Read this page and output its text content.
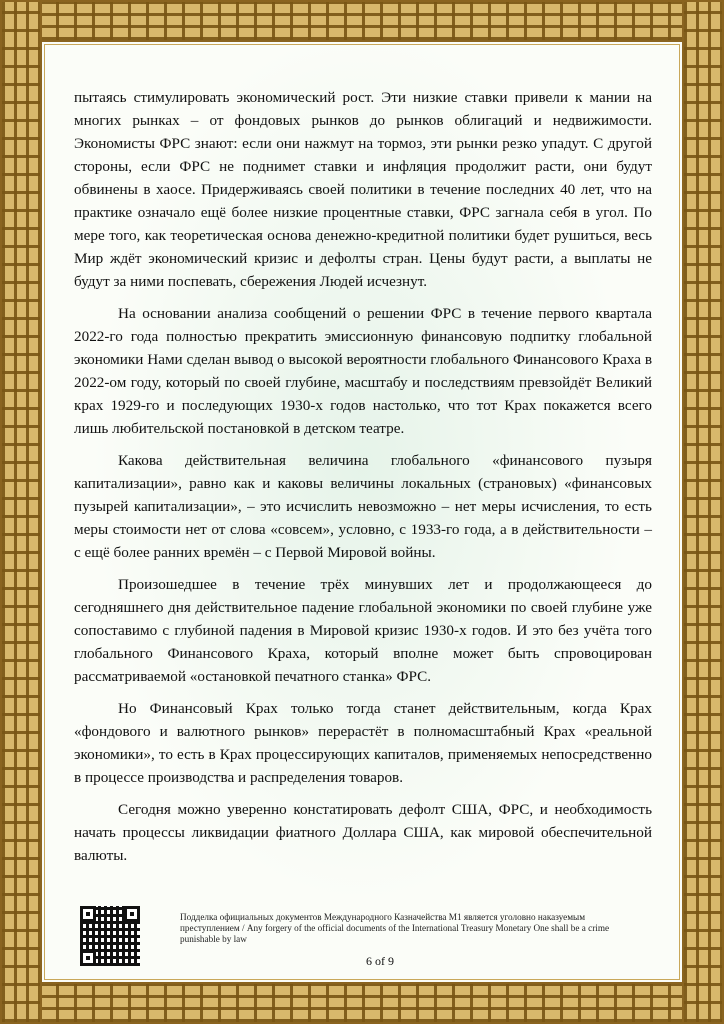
пытаясь стимулировать экономический рост. Эти низкие ставки привели к мании на многих рынках – от фондовых рынков до рынков облигаций и недвижимости. Экономисты ФРС знают: если они нажмут на тормоз, эти рынки резко упадут. С другой стороны, если ФРС не поднимет ставки и инфляция продолжит расти, они будут обвинены в хаосе. Придерживаясь своей политики в течение последних 40 лет, что на практике означало ещё более низкие процентные ставки, ФРС загнала себя в угол. По мере того, как теоретическая основа денежно-кредитной политики будет рушиться, весь Мир ждёт экономический кризис и дефолты стран. Цены будут расти, а выплаты не будут за ними поспевать, сбережения Людей исчезнут.

На основании анализа сообщений о решении ФРС в течение первого квартала 2022-го года полностью прекратить эмиссионную финансовую подпитку глобальной экономики Нами сделан вывод о высокой вероятности глобального Финансового Краха в 2022-ом году, который по своей глубине, масштабу и последствиям превзойдёт Великий крах 1929-го и последующих 1930-х годов настолько, что тот Крах покажется всего лишь любительской постановкой в детском театре.

Какова действительная величина глобального «финансового пузыря капитализации», равно как и каковы величины локальных (страновых) «финансовых пузырей капитализации», – это исчислить невозможно – нет меры исчисления, то есть меры стоимости нет от слова «совсем», условно, с 1933-го года, а в действительности – с ещё более ранних времён – с Первой Мировой войны.

Произошедшее в течение трёх минувших лет и продолжающееся до сегодняшнего дня действительное падение глобальной экономики по своей глубине уже сопоставимо с глубиной падения в Мировой кризис 1930-х годов. И это без учёта того глобального Финансового Краха, который вполне может быть спровоцирован рассматриваемой «остановкой печатного станка» ФРС.

Но Финансовый Крах только тогда станет действительным, когда Крах «фондового и валютного рынков» перерастёт в полномасштабный Крах «реальной экономики», то есть в Крах процессирующих капиталов, применяемых непосредственно в процессе производства и распределения товаров.

Сегодня можно уверенно констатировать дефолт США, ФРС, и необходимость начать процессы ликвидации фиатного Доллара США, как мировой обеспечительной валюты.

Подделка официальных документов Международного Казначейства М1 является уголовно наказуемым преступлением / Any forgery of the official documents of the International Treasury Monetary One shall be a crime punishable by law
6 of 9
